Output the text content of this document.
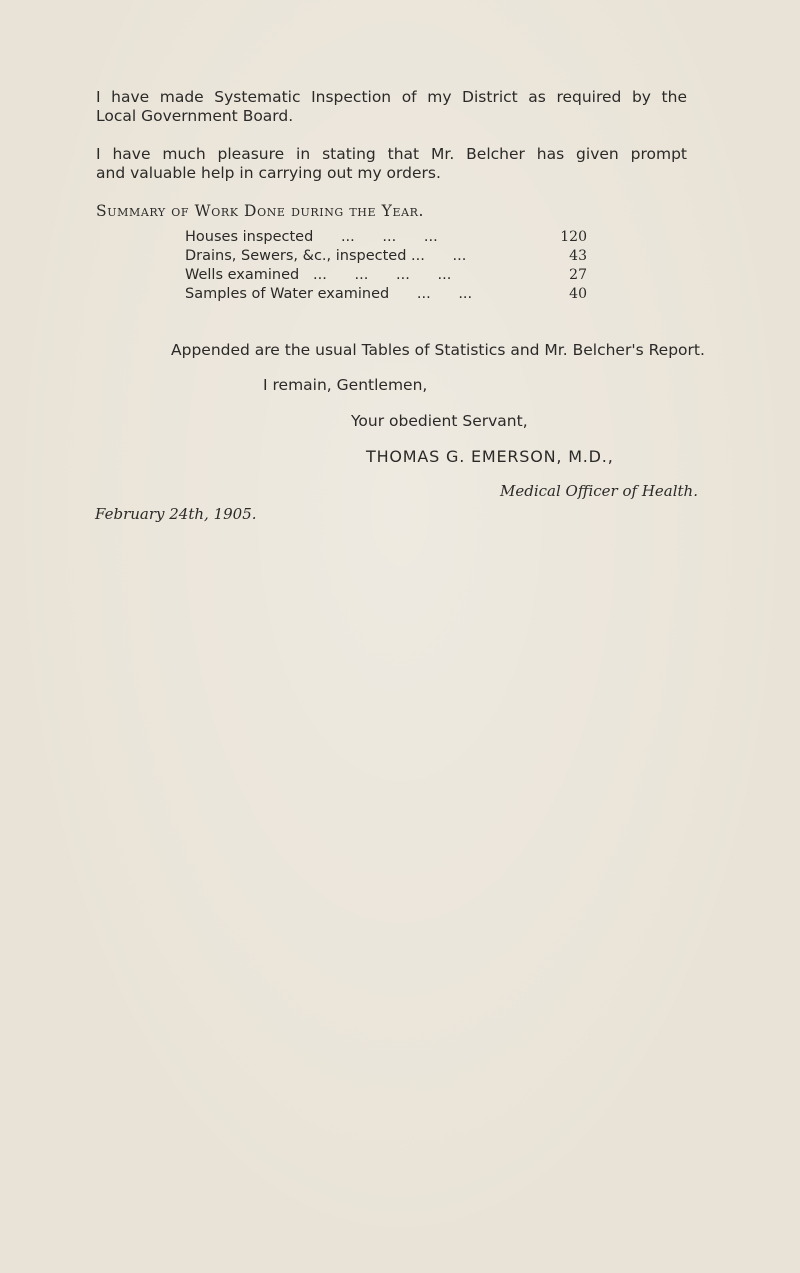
I have made Systematic Inspection of my District as required by the
Local Government Board.
I have much pleasure in stating that Mr. Belcher has given prompt
and valuable help in carrying out my orders.
Summary of Work Done during the Year.
Houses inspected      ...      ...      ...	120
Drains, Sewers, &c., inspected ...      ...	43
Wells examined   ...      ...      ...      ...	27
Samples of Water examined      ...      ...	40
Appended are the usual Tables of Statistics and Mr. Belcher's Report.
I remain, Gentlemen,
Your obedient Servant,
THOMAS G. EMERSON, M.D.,
Medical Officer of Health.
February 24th, 1905.
